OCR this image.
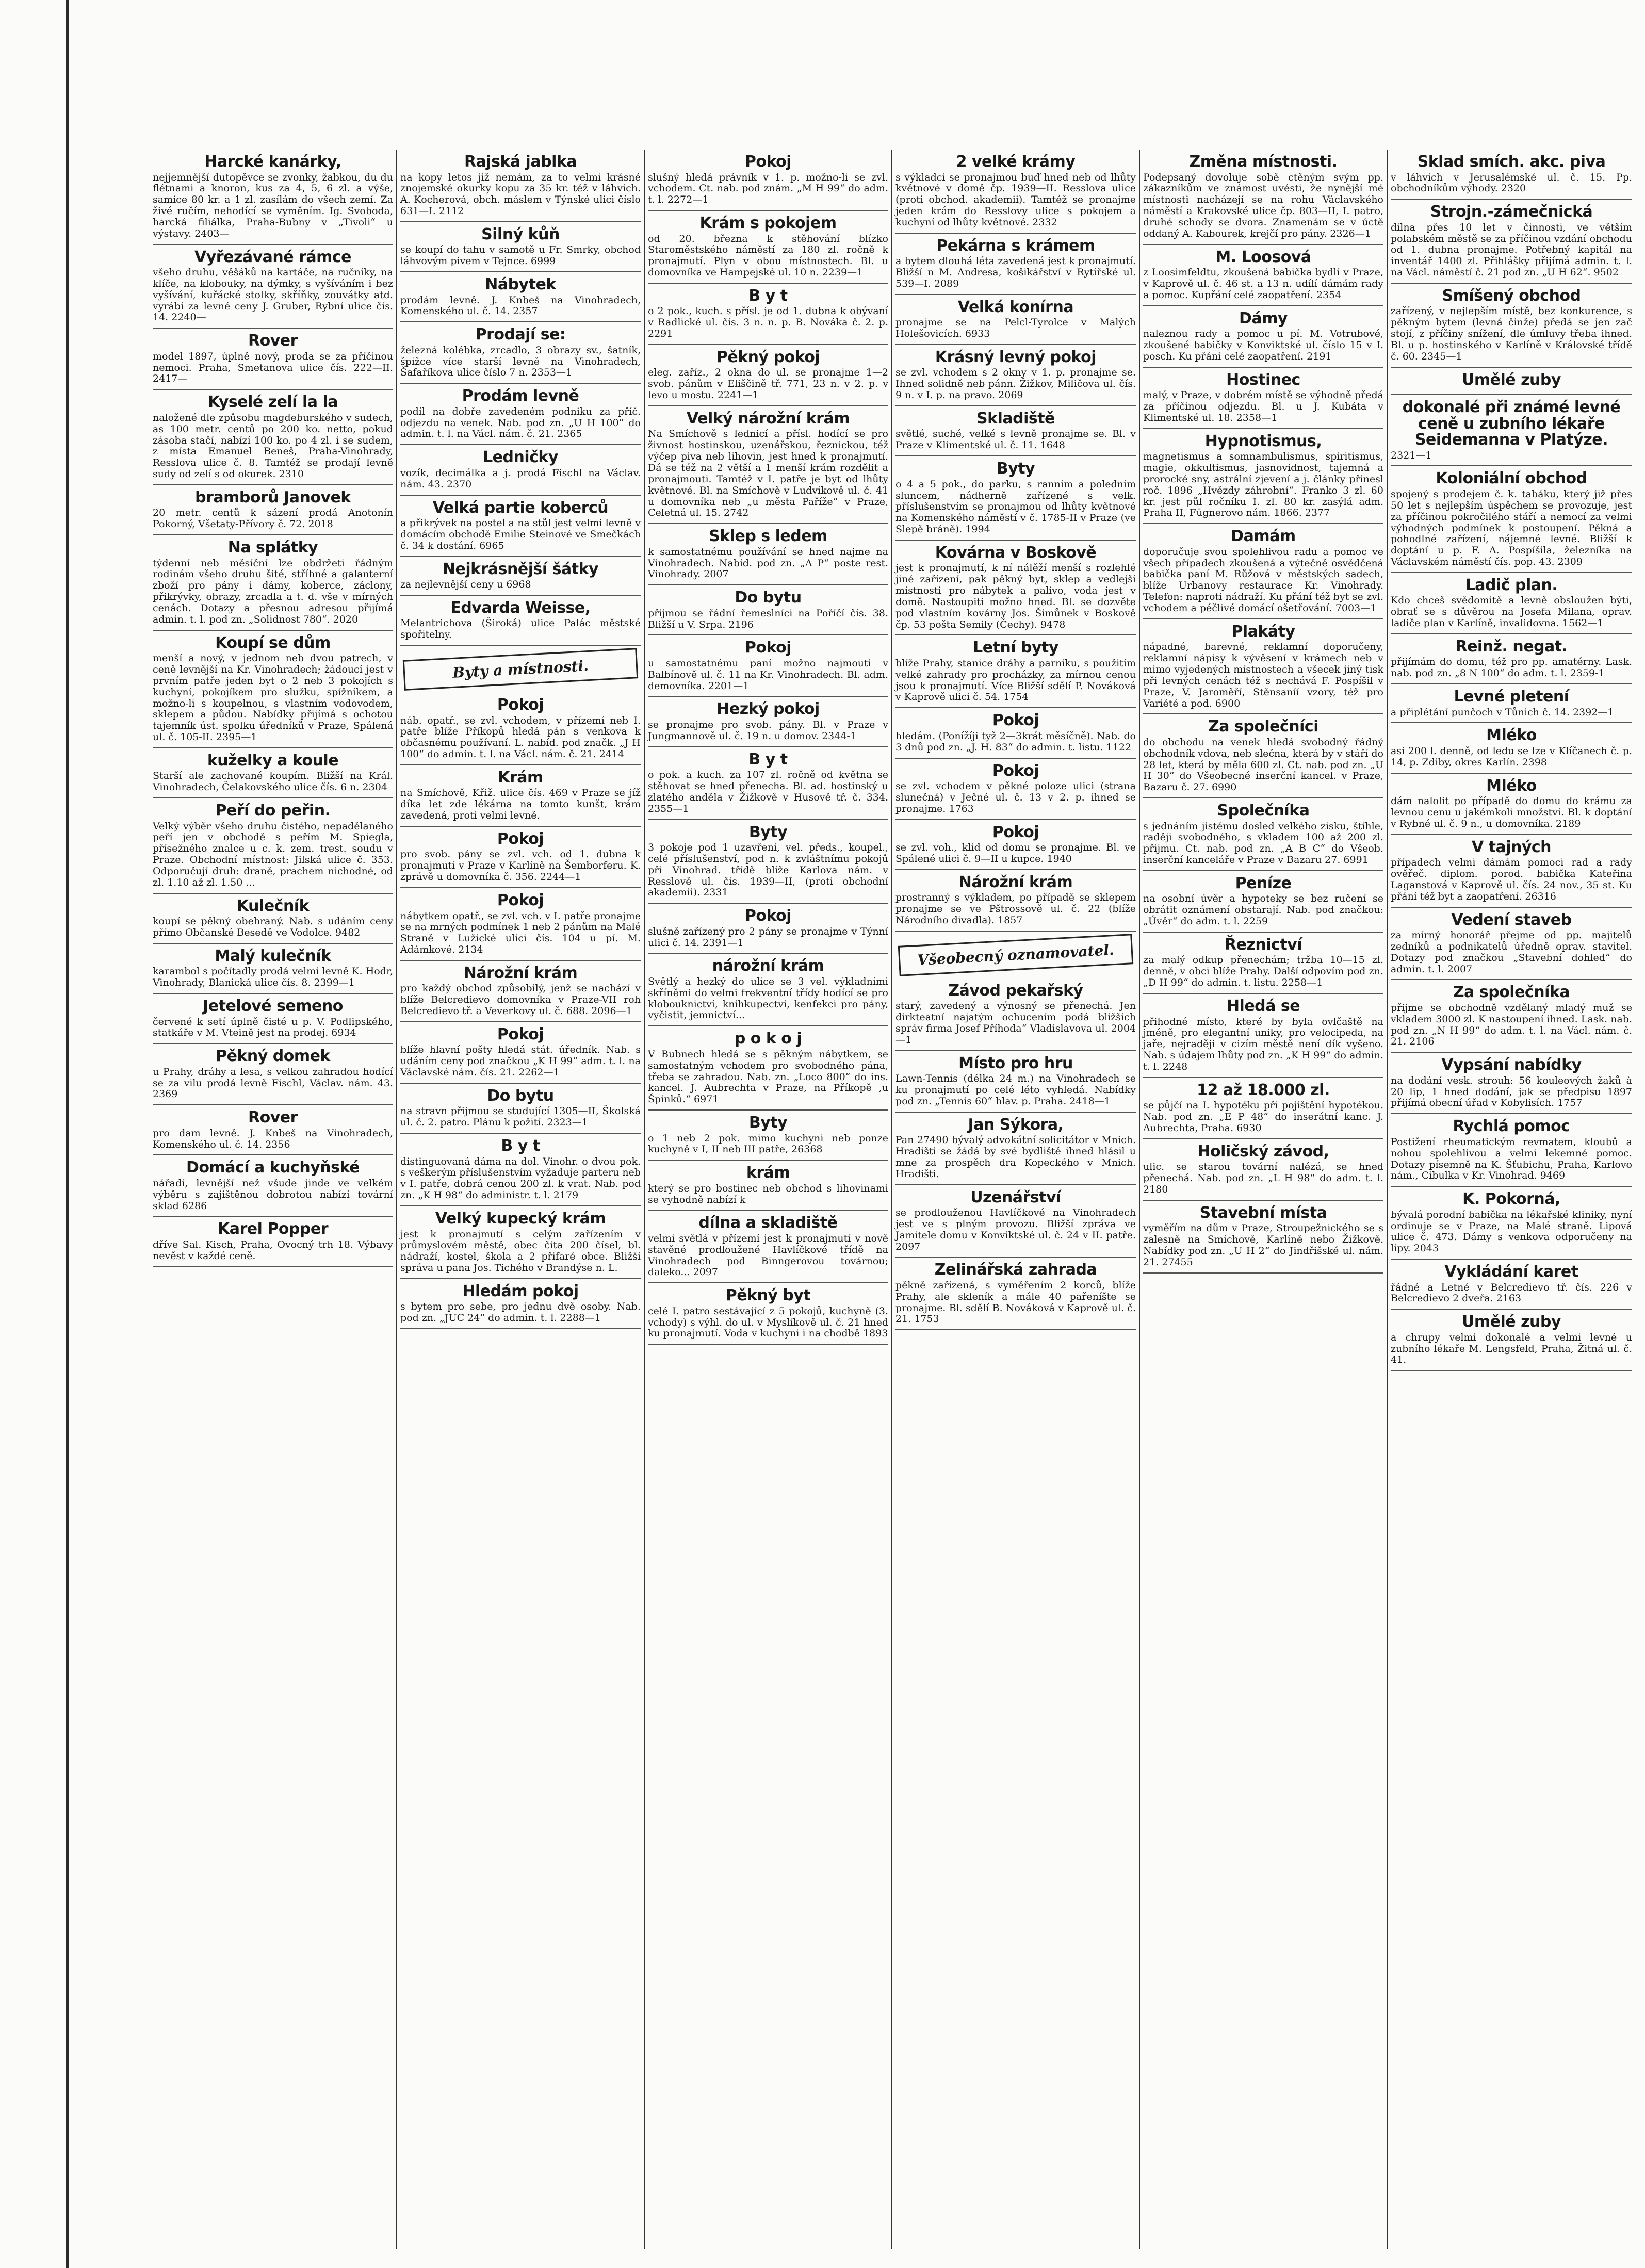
Harcké kanárky,
nejjemnější dutopěvce se zvonky, žabkou, du du flétnami a knoron, kus za 4, 5, 6 zl. a výše, samice 80 kr. a 1 zl. zasílám do všech zemí. Za živé ručím, nehodící se vyměním. Ig. Svoboda, harcká filiálka, Praha-Bubny v „Tivoli“ u výstavy. 2403—
Vyřezávané rámce
všeho druhu, věšáků na kartáče, na ručníky, na klíče, na klobouky, na dýmky, s vyšíváním i bez vyšívání, kuřácké stolky, skříňky, zouvátky atd. vyrábí za levné ceny J. Gruber, Rybní ulice čís. 14. 2240—
Rover
model 1897, úplně nový, proda se za příčinou nemoci. Praha, Smetanova ulice čís. 222—II. 2417—
Kyselé zelí la la
naložené dle způsobu magdeburského v sudech, as 100 metr. centů po 200 ko. netto, pokud zásoba stačí, nabízí 100 ko. po 4 zl. i se sudem, z místa Emanuel Beneš, Praha-Vinohrady, Resslova ulice č. 8. Tamtéž se prodají levně sudy od zelí s od okurek. 2310
bramborů Janovek
20 metr. centů k sázení prodá Anotonín Pokorný, Všetaty-Přívory č. 72. 2018
Na splátky
týdenní neb měsíční lze obdržeti řádným rodinám všeho druhu šité, stříhné a galanterní zboží pro pány i dámy, koberce, záclony, přikrývky, obrazy, zrcadla a t. d. vše v mírných cenách. Dotazy a přesnou adresou přijímá admin. t. l. pod zn. „Solidnost 780“. 2020
Koupí se dům
menší a nový, v jednom neb dvou patrech, v ceně levnější na Kr. Vinohradech; žádoucí jest v prvním patře jeden byt o 2 neb 3 pokojích s kuchyní, pokojíkem pro služku, spížníkem, a možno-li s koupelnou, s vlastním vodovodem, sklepem a půdou. Nabídky přijímá s ochotou tajemník úst. spolku úředníků v Praze, Spálená ul. č. 105-II. 2395—1
kuželky a koule
Starší ale zachované koupím. Bližší na Král. Vinohradech, Čelakovského ulice čís. 6 n. 2304
Peří do peřin.
Velký výběr všeho druhu čistého, nepadělaného peří jen v obchodě s peřím M. Spiegla, přísežného znalce u c. k. zem. trest. soudu v Praze. Obchodní místnost: Jilská ulice č. 353. Odporučují druh: draně, prachem nichodné, od zl. 1.10 až zl. 1.50 ...
Kulečník
koupí se pěkný obehraný. Nab. s udáním ceny přímo Občanské Besedě ve Vodolce. 9482
Malý kulečník
karambol s počítadly prodá velmi levně K. Hodr, Vinohrady, Blanická ulice čís. 8. 2399—1
Jetelové semeno
červené k setí úplně čisté u p. V. Podlipského, statkáře v M. Vteině jest na prodej. 6934
Pěkný domek
u Prahy, dráhy a lesa, s velkou zahradou hodící se za vilu prodá levně Fischl, Václav. nám. 43. 2369
Rover
pro dam levně. J. Knbeš na Vinohradech, Komenského ul. č. 14. 2356
Domácí a kuchyňské
nářadí, levnější než všude jinde ve velkém výběru s zajištěnou dobrotou nabízí tovární sklad 6286
Karel Popper
dříve Sal. Kisch, Praha, Ovocný trh 18. Výbavy nevěst v každé ceně.
Rajská jablka
na kopy letos již nemám, za to velmi krásné znojemské okurky kopu za 35 kr. též v láhvích. A. Kocherová, obch. máslem v Týnské ulici číslo 631—I. 2112
Silný kůň
se koupí do tahu v samotě u Fr. Smrky, obchod láhvovým pivem v Tejnce. 6999
Nábytek
prodám levně. J. Knbeš na Vinohradech, Komenského ul. č. 14. 2357
Prodají se:
železná kolébka, zrcadlo, 3 obrazy sv., šatník, špižce více starší levně na Vinohradech, Šafaříkova ulice číslo 7 n. 2353—1
Prodám levně
podíl na dobře zavedeném podniku za příč. odjezdu na venek. Nab. pod zn. „U H 100“ do admin. t. l. na Václ. nám. č. 21. 2365
Ledničky
vozík, decimálka a j. prodá Fischl na Václav. nám. 43. 2370
Velká partie koberců
a přikrývek na postel a na stůl jest velmi levně v domácím obchodě Emilie Steinové ve Smečkách č. 34 k dostání. 6965
Nejkrásnější šátky
za nejlevnější ceny u 6968
Edvarda Weisse,
Melantrichova (Široká) ulice Palác městské spořitelny.
Byty a místnosti.
Pokoj
náb. opatř., se zvl. vchodem, v přízemí neb I. patře blíže Příkopů hledá pán s venkova k občasnému používaní. L. nabíd. pod značk. „J H 100“ do admin. t. l. na Václ. nám. č. 21. 2414
Krám
na Smíchově, Křiž. ulice čís. 469 v Praze se jíž díka let zde lékárna na tomto kunšt, krám zavedená, proti velmi levně.
Pokoj
pro svob. pány se zvl. vch. od 1. dubna k pronajmutí v Praze v Karlíně na Šemborferu. K. zprávě u domovníka č. 356. 2244—1
Pokoj
nábytkem opatř., se zvl. vch. v I. patře pronajme se na mrných podmínek 1 neb 2 pánům na Malé Straně v Lužické ulici čís. 104 u pí. M. Adámkové. 2134
Nárožní krám
pro každý obchod způsobilý, jenž se nachází v blíže Belcredievo domovníka v Praze-VII roh Belcredievo tř. a Veverkovy ul. č. 688. 2096—1
Pokoj
blíže hlavní pošty hledá stát. úředník. Nab. s udáním ceny pod značkou „K H 99“ adm. t. l. na Václavské nám. čís. 21. 2262—1
Do bytu
na stravn přijmou se studující 1305—II, Školská ul. č. 2. patro. Plánu k požití. 2323—1
B y t
distinguovaná dáma na dol. Vinohr. o dvou pok. s veškerým příslušenstvím vyžaduje parteru neb v I. patře, dobrá cenou 200 zl. k vrat. Nab. pod zn. „K H 98“ do administr. t. l. 2179
Velký kupecký krám
jest k pronajmutí s celým zařízením v průmyslovém městě, obec číta 200 čísel, bl. nádraží, kostel, škola a 2 přifaré obce. Bližší správa u pana Jos. Tichého v Brandýse n. L.
Hledám pokoj
s bytem pro sebe, pro jednu dvě osoby. Nab. pod zn. „JUC 24“ do admin. t. l. 2288—1
Pokoj
slušný hledá právník v 1. p. možno-li se zvl. vchodem. Ct. nab. pod znám. „M H 99“ do adm. t. l. 2272—1
Krám s pokojem
od 20. března k stěhování blízko Staroměstského náměstí za 180 zl. ročně k pronajmutí. Plyn v obou místnostech. Bl. u domovníka ve Hampejské ul. 10 n. 2239—1
B y t
o 2 pok., kuch. s přísl. je od 1. dubna k obývaní v Radlické ul. čís. 3 n. n. p. B. Nováka č. 2. p. 2291
Pěkný pokoj
eleg. zaříz., 2 okna do ul. se pronajme 1—2 svob. pánům v Eliščině tř. 771, 23 n. v 2. p. v levo u mostu. 2241—1
Velký nárožní krám
Na Smíchově s lednicí a přísl. hodící se pro živnost hostinskou, uzenářskou, řeznickou, též výčep piva neb lihovin, jest hned k pronajmutí. Dá se též na 2 větší a 1 menší krám rozdělit a pronajmouti. Tamtéž v I. patře je byt od lhůty květnové. Bl. na Smíchově v Ludvíkově ul. č. 41 u domovníka neb „u města Paříže“ v Praze, Celetná ul. 15. 2742
Sklep s ledem
k samostatnému používání se hned najme na Vinohradech. Nabíd. pod zn. „A P“ poste rest. Vinohrady. 2007
Do bytu
přijmou se řádní řemeslníci na Poříčí čís. 38. Bližší u V. Srpa. 2196
Pokoj
u samostatnému paní možno najmouti v Balbínově ul. č. 11 na Kr. Vinohradech. Bl. adm. demovníka. 2201—1
Hezký pokoj
se pronajme pro svob. pány. Bl. v Praze v Jungmannově ul. č. 19 n. u domov. 2344-1
B y t
o pok. a kuch. za 107 zl. ročně od května se stěhovat se hned přenecha. Bl. ad. hostinský u zlatého anděla v Žižkově v Husově tř. č. 334. 2355—1
Byty
3 pokoje pod 1 uzavření, vel. předs., koupel., celé příslušenství, pod n. k zvláštnímu pokojů při Vinohrad. třídě blíže Karlova nám. v Resslově ul. čís. 1939—II, (proti obchodní akademii). 2331
Pokoj
slušně zařízený pro 2 pány se pronajme v Týnní ulici č. 14. 2391—1
nárožní krám
Světlý a hezký do ulice se 3 vel. výkladními skříněmi do velmi frekventní třídy hodící se pro klobouknictví, knihkupectví, kenfekci pro pány, vyčistit, jemnictví...
p o k o j
V Bubnech hledá se s pěkným nábytkem, se samostatným vchodem pro svobodného pána, třeba se zahradou. Nab. zn. „Loco 800“ do ins. kancel. J. Aubrechta v Praze, na Příkopě ,u Špinků.“ 6971
Byty
o 1 neb 2 pok. mimo kuchyni neb ponze kuchyně v I, II neb III patře, 26368
krám
který se pro bostinec neb obchod s lihovinami se vyhodně nabízí k
dílna a skladiště
velmi světlá v přízemí jest k pronajmutí v nově stavěné prodloužené Havlíčkové třídě na Vinohradech pod Binngerovou továrnou; daleko... 2097
Pěkný byt
celé I. patro sestávající z 5 pokojů, kuchyně (3. vchody) s výhl. do ul. v Myslíkově ul. č. 21 hned ku pronajmutí. Voda v kuchyni i na chodbě 1893
2 velké krámy
s výkladci se pronajmou buď hned neb od lhůty květnové v domě čp. 1939—II. Resslova ulice (proti obchod. akademii). Tamtéž se pronajme jeden krám do Resslovy ulice s pokojem a kuchyní od lhůty květnové. 2332
Pekárna s krámem
a bytem dlouhá léta zavedená jest k pronajmutí. Bližší n M. Andresa, košikářství v Rytířské ul. 539—I. 2089
Velká konírna
pronajme se na Pelcl-Tyrolce v Malých Holešovicích. 6933
Krásný levný pokoj
se zvl. vchodem s 2 okny v 1. p. pronajme se. Ihned solidně neb pánn. Žižkov, Miličova ul. čís. 9 n. v I. p. na pravo. 2069
Skladiště
světlé, suché, velké s levně pronajme se. Bl. v Praze v Klimentské ul. č. 11. 1648
Byty
o 4 a 5 pok., do parku, s ranním a poledním sluncem, nádherně zařízené s velk. příslušenstvím se pronajmou od lhůty květnové na Komenského náměstí v č. 1785-II v Praze (ve Slepě bráně). 1994
Kovárna v Boskově
jest k pronajmutí, k ní nálěží menší s rozlehlé jiné zařízení, pak pěkný byt, sklep a vedlejší místnosti pro nábytek a palivo, voda jest v domě. Nastoupiti možno hned. Bl. se dozvěte pod vlastním kovárny Jos. Šimůnek v Boskově čp. 53 pošta Semily (Čechy). 9478
Letní byty
blíže Prahy, stanice dráhy a parníku, s použitím velké zahrady pro procházky, za mírnou cenou jsou k pronajmutí. Více Bližší sdělí P. Nováková v Kaprově ulici č. 54. 1754
Pokoj
hledám. (Ponížíji tyž 2—3krát měsíčně). Nab. do 3 dnů pod zn. „J. H. 83“ do admin. t. listu. 1122
Pokoj
se zvl. vchodem v pěkné poloze ulici (strana slunečná) v Ječné ul. č. 13 v 2. p. ihned se pronajme. 1763
Pokoj
se zvl. voh., klid od domu se pronajme. Bl. ve Spálené ulici č. 9—II u kupce. 1940
Nárožní krám
prostranný s výkladem, po případě se sklepem pronajme se ve Pštrossově ul. č. 22 (blíže Národního divadla). 1857
Všeobecný oznamovatel.
Závod pekařský
starý, zavedený a výnosný se přenechá. Jen dirkteatní najatým ochucením podá bližších správ firma Josef Příhoda“ Vladislavova ul. 2004—1
Místo pro hru
Lawn-Tennis (délka 24 m.) na Vinohradech se ku pronajmutí po celé léto vyhledá. Nabídky pod zn. „Tennis 60“ hlav. p. Praha. 2418—1
Jan Sýkora,
Pan 27490 bývalý advokátní solicitátor v Mnich. Hradišti se žádá by své bydliště ihned hlásil u mne za prospěch dra Kopeckého v Mnich. Hradišti.
Uzenářství
se prodlouženou Havlíčkové na Vinohradech jest ve s plným provozu. Bližší zpráva ve Jamitele domu v Konviktské ul. č. 24 v II. patře. 2097
Zelinářská zahrada
pěkně zařízená, s vyměřením 2 korců, blíže Prahy, ale skleník a mále 40 pařeníšte se pronajme. Bl. sdělí B. Nováková v Kaprově ul. č. 21. 1753
Změna místnosti.
Podepsaný dovoluje sobě ctěným svým pp. zákazníkům ve známost uvésti, že nynější mé místnosti nacházejí se na rohu Václavského náměstí a Krakovské ulice čp. 803—II, I. patro, druhé schody se dvora. Znamenám se v úctě oddaný A. Kabourek, krejčí pro pány. 2326—1
M. Loosová
z Loosimfeldtu, zkoušená babička bydlí v Praze, v Kaprově ul. č. 46 st. a 13 n. udílí dámám rady a pomoc. Kupřání celé zaopatření. 2354
Dámy
naleznou rady a pomoc u pí. M. Votrubové, zkoušené babičky v Konviktské ul. číslo 15 v I. posch. Ku přání celé zaopatření. 2191
Hostinec
malý, v Praze, v dobrém místě se výhodně předá za příčinou odjezdu. Bl. u J. Kubáta v Klimentské ul. 18. 2358—1
Hypnotismus,
magnetismus a somnambulismus, spiritismus, magie, okkultismus, jasnovidnost, tajemná a prorocké sny, astrální zjevení a j. články přinesl roč. 1896 „Hvězdy záhrobní“. Franko 3 zl. 60 kr. jest půl ročníku I. zl. 80 kr. zasýlá adm. Praha II, Fügnerovo nám. 1866. 2377
Damám
doporučuje svou spolehlivou radu a pomoc ve všech případech zkoušená a výtečně osvědčená babička paní M. Růžová v městských sadech, blíže Urbanovy restaurace Kr. Vinohrady. Telefon: naproti nádraží. Ku přání též byt se zvl. vchodem a péčlivé domácí ošetřování. 7003—1
Plakáty
nápadné, barevné, reklamní doporučeny, reklamní nápisy k vývěsení v krámech neb v mimo vyjedených místnostech a všecek jiný tisk při levných cenách též s nechává F. Pospíšil v Praze, V. Jaroměří, Stěnsaníí vzory, též pro Variété a pod. 6900
Za společníci
do obchodu na venek hledá svobodný řádný obchodník vdova, neb slečna, která by v stáří do 28 let, která by měla 600 zl. Ct. nab. pod zn. „U H 30“ do Všeobecné inserční kancel. v Praze, Bazaru č. 27. 6990
Společníka
s jednáním jistému dosled velkého zisku, štíhle, raději svobodného, s vkladem 100 až 200 zl. přijmu. Ct. nab. pod zn. „A B C“ do Všeob. inserční kanceláře v Praze v Bazaru 27. 6991
Peníze
na osobní úvěr a hypoteky se bez ručení se obrátit oznámení obstarají. Nab. pod značkou: „Úvěr“ do adm. t. l. 2259
Řeznictví
za malý odkup přenechám; tržba 10—15 zl. denně, v obci blíže Prahy. Další odpovím pod zn. „D H 99“ do admin. t. listu. 2258—1
Hledá se
přihodné místo, které by byla ovlčaště na jméně, pro elegantní uniky, pro velocipeda, na jaře, nejraději v cizím městě není dík vyšeno. Nab. s údajem lhůty pod zn. „K H 99“ do admin. t. l. 2248
12 až 18.000 zl.
se půjčí na I. hypotéku při pojištění hypotékou. Nab. pod zn. „E P 48“ do inserátní kanc. J. Aubrechta, Praha. 6930
Holičský závod,
ulic. se starou tovární nalézá, se hned přenechá. Nab. pod zn. „L H 98“ do adm. t. l. 2180
Stavební místa
vyměřím na dům v Praze, Stroupežnického se s zalesně na Smíchově, Karlíně nebo Žižkově. Nabídky pod zn. „U H 2“ do Jindřišské ul. nám. 21. 27455
Sklad smích. akc. piva
v láhvích v Jerusalémské ul. č. 15. Pp. obchodníkům výhody. 2320
Strojn.-zámečnická
dílna přes 10 let v činnosti, ve větším polabském městě se za příčinou vzdání obchodu od 1. dubna pronajme. Potřebný kapitál na inventář 1400 zl. Přihlášky přijímá admin. t. l. na Václ. náměstí č. 21 pod zn. „U H 62“. 9502
Smíšený obchod
zařízený, v nejlepším místě, bez konkurence, s pěkným bytem (levná činže) předá se jen zač stojí, z příčiny snížení, dle úmluvy třeba ihned. Bl. u p. hostinského v Karlíně v Královské třídě č. 60. 2345—1
Umělé zuby
dokonalé při známé levné ceně u zubního lékaře Seidemanna v Platýze.
2321—1
Koloniální obchod
spojený s prodejem č. k. tabáku, který již přes 50 let s nejlepším úspěchem se provozuje, jest za příčinou pokročilého stáří a nemocí za velmi výhodných podmínek k postoupení. Pěkná a pohodlné zařízení, nájemné levné. Bližší k doptání u p. F. A. Pospíšila, železníka na Václavském náměstí čís. pop. 43. 2309
Ladič plan.
Kdo chceš svědomitě a levně obsloužen býti, obrať se s důvěrou na Josefa Milana, oprav. ladiče plan v Karlíně, invalidovna. 1562—1
Reinž. negat.
přijímám do domu, též pro pp. amatérny. Lask. nab. pod zn. „8 N 100“ do adm. t. l. 2359-1
Levné pletení
a připlétání punčoch v Tůnich č. 14. 2392—1
Mléko
asi 200 l. denně, od ledu se lze v Klíčanech č. p. 14, p. Zdiby, okres Karlín. 2398
Mléko
dám nalolit po případě do domu do krámu za levnou cenu u jakémkoli množství. Bl. k doptání v Rybné ul. č. 9 n., u domovníka. 2189
V tajných
případech velmi dámám pomoci rad a rady ověřeč. diplom. porod. babička Kateřina Laganstová v Kaprově ul. čís. 24 nov., 35 st. Ku přání též byt a zaopatření. 26316
Vedení staveb
za mírný honorář přejme od pp. majitelů zedníků a podnikatelů úředně oprav. stavitel. Dotazy pod značkou „Stavební dohled“ do admin. t. l. 2007
Za společníka
přijme se obchodně vzdělaný mladý muž se vkladem 3000 zl. K nastoupení ihned. Lask. nab. pod zn. „N H 99“ do adm. t. l. na Václ. nám. č. 21. 2106
Vypsání nabídky
na dodání vesk. strouh: 56 kouleových žaků à 20 lip, 1 hned dodání, jak se předpisu 1897 přijímá obecní úřad v Kobylisích. 1757
Rychlá pomoc
Postižení rheumatickým revmatem, kloubů a nohou spolehlivou a velmi lekemné pomoc. Dotazy písemně na K. Šťubichu, Praha, Karlovo nám., Cibulka v Kr. Vinohrad. 9469
K. Pokorná,
bývalá porodní babička na lékařské kliniky, nyní ordinuje se v Praze, na Malé straně. Lipová ulice č. 473. Dámy s venkova odporučeny na lípy. 2043
Vykládání karet
řádné a Letné v Belcredievo tř. čís. 226 v Belcredievo 2 dveřa. 2163
Umělé zuby
a chrupy velmi dokonalé a velmi levné u zubního lékaře M. Lengsfeld, Praha, Žitná ul. č. 41.
